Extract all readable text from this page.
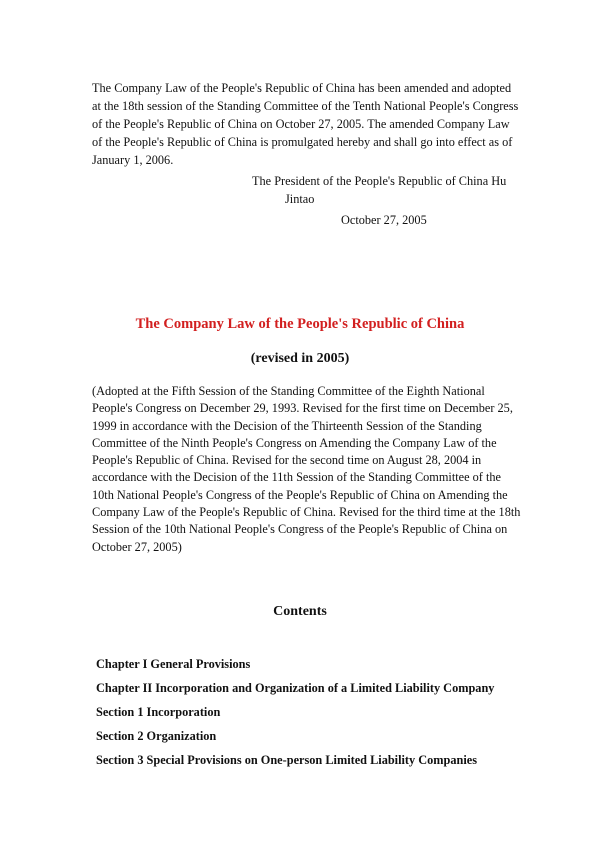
The Company Law of the People's Republic of China has been amended and adopted at the 18th session of the Standing Committee of the Tenth National People's Congress of the People's Republic of China on October 27, 2005. The amended Company Law of the People's Republic of China is promulgated hereby and shall go into effect as of January 1, 2006.

The President of the People's Republic of China Hu

Jintao

October 27, 2005

The Company Law of the People's Republic of China
(revised in 2005)

(Adopted at the Fifth Session of the Standing Committee of the Eighth National People's Congress on December 29, 1993. Revised for the first time on December 25, 1999 in accordance with the Decision of the Thirteenth Session of the Standing Committee of the Ninth People's Congress on Amending the Company Law of the People's Republic of China. Revised for the second time on August 28, 2004 in accordance with the Decision of the 11th Session of the Standing Committee of the 10th National People's Congress of the People's Republic of China on Amending the Company Law of the People's Republic of China. Revised for the third time at the 18th Session of the 10th National People's Congress of the People's Republic of China on October 27, 2005)

Contents
Chapter I General Provisions
Chapter II Incorporation and Organization of a Limited Liability Company
Section 1 Incorporation
Section 2 Organization
Section 3 Special Provisions on One-person Limited Liability Companies
